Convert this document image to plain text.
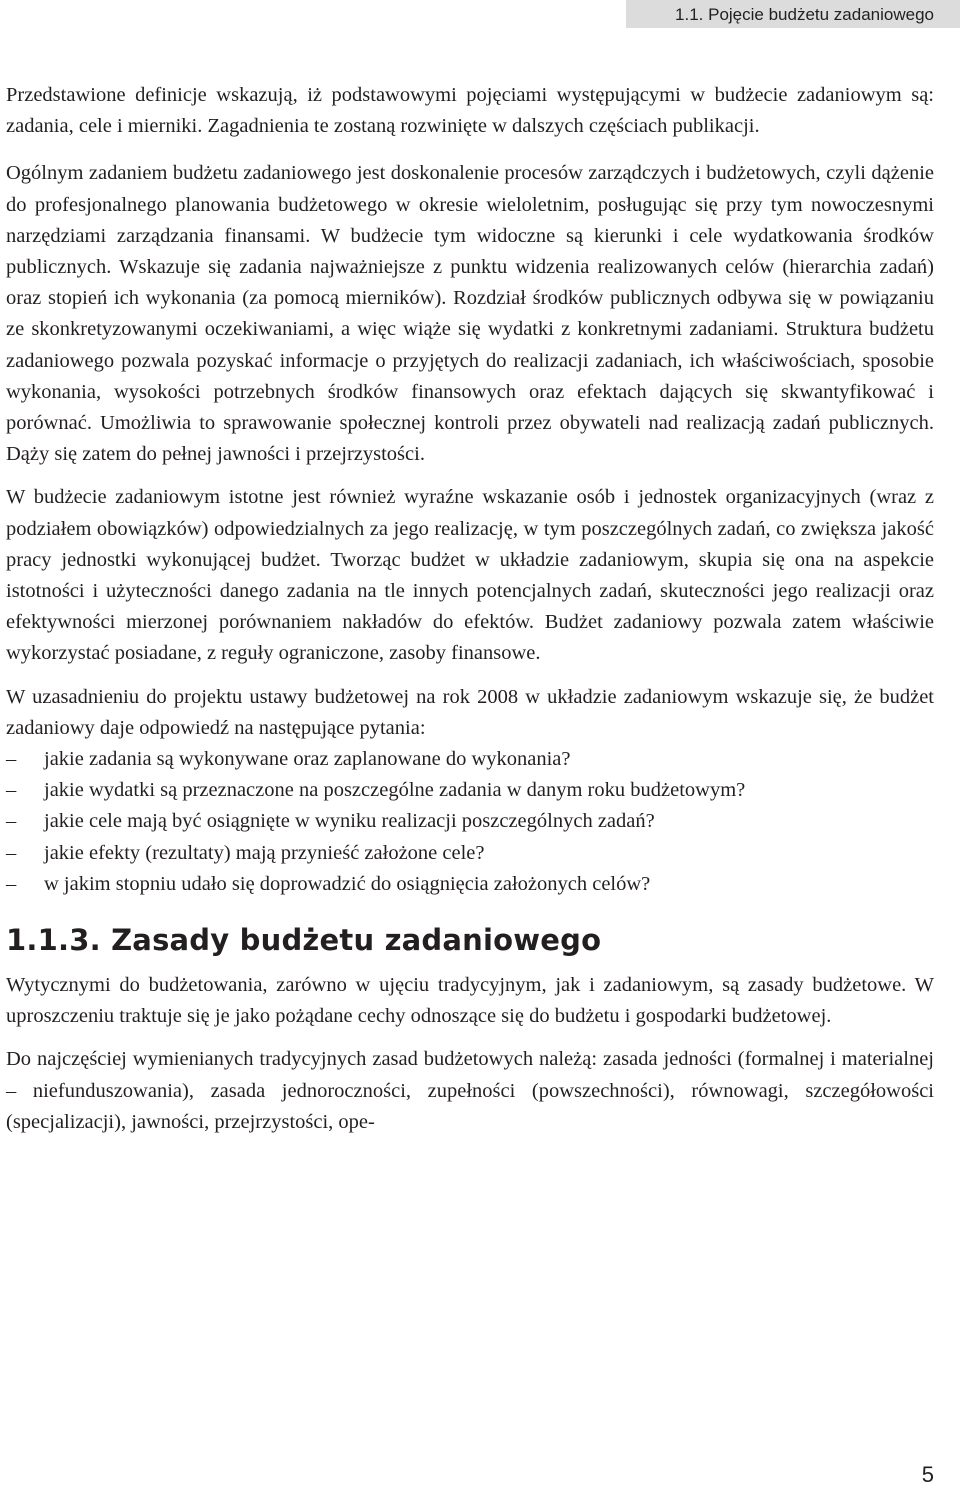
1.1. Pojęcie budżetu zadaniowego

Przedstawione definicje wskazują, iż podstawowymi pojęciami występującymi w budżecie zadaniowym są: zadania, cele i mierniki. Zagadnienia te zostaną rozwinięte w dalszych częściach publikacji.

Ogólnym zadaniem budżetu zadaniowego jest doskonalenie procesów zarządczych i budżetowych, czyli dążenie do profesjonalnego planowania budżetowego w okresie wieloletnim, posługując się przy tym nowoczesnymi narzędziami zarządzania finansami. W budżecie tym widoczne są kierunki i cele wydatkowania środków publicznych. Wskazuje się zadania najważniejsze z punktu widzenia realizowanych celów (hierarchia zadań) oraz stopień ich wykonania (za pomocą mierników). Rozdział środków publicznych odbywa się w powiązaniu ze skonkretyzowanymi oczekiwaniami, a więc wiąże się wydatki z konkretnymi zadaniami. Struktura budżetu zadaniowego pozwala pozyskać informacje o przyjętych do realizacji zadaniach, ich właściwościach, sposobie wykonania, wysokości potrzebnych środków finansowych oraz efektach dających się skwantyfikować i porównać. Umożliwia to sprawowanie społecznej kontroli przez obywateli nad realizacją zadań publicznych. Dąży się zatem do pełnej jawności i przejrzystości.

W budżecie zadaniowym istotne jest również wyraźne wskazanie osób i jednostek organizacyjnych (wraz z podziałem obowiązków) odpowiedzialnych za jego realizację, w tym poszczególnych zadań, co zwiększa jakość pracy jednostki wykonującej budżet. Tworząc budżet w układzie zadaniowym, skupia się ona na aspekcie istotności i użyteczności danego zadania na tle innych potencjalnych zadań, skuteczności jego realizacji oraz efektywności mierzonej porównaniem nakładów do efektów. Budżet zadaniowy pozwala zatem właściwie wykorzystać posiadane, z reguły ograniczone, zasoby finansowe.

W uzasadnieniu do projektu ustawy budżetowej na rok 2008 w układzie zadaniowym wskazuje się, że budżet zadaniowy daje odpowiedź na następujące pytania:

– jakie zadania są wykonywane oraz zaplanowane do wykonania?
– jakie wydatki są przeznaczone na poszczególne zadania w danym roku budżetowym?
– jakie cele mają być osiągnięte w wyniku realizacji poszczególnych zadań?
– jakie efekty (rezultaty) mają przynieść założone cele?
– w jakim stopniu udało się doprowadzić do osiągnięcia założonych celów?
1.1.3. Zasady budżetu zadaniowego

Wytycznymi do budżetowania, zarówno w ujęciu tradycyjnym, jak i zadaniowym, są zasady budżetowe. W uproszczeniu traktuje się je jako pożądane cechy odnoszące się do budżetu i gospodarki budżetowej.

Do najczęściej wymienianych tradycyjnych zasad budżetowych należą: zasada jedności (formalnej i materialnej – niefunduszowania), zasada jednoroczności, zupełności (powszechności), równowagi, szczegółowości (specjalizacji), jawności, przejrzystości, ope-

5
